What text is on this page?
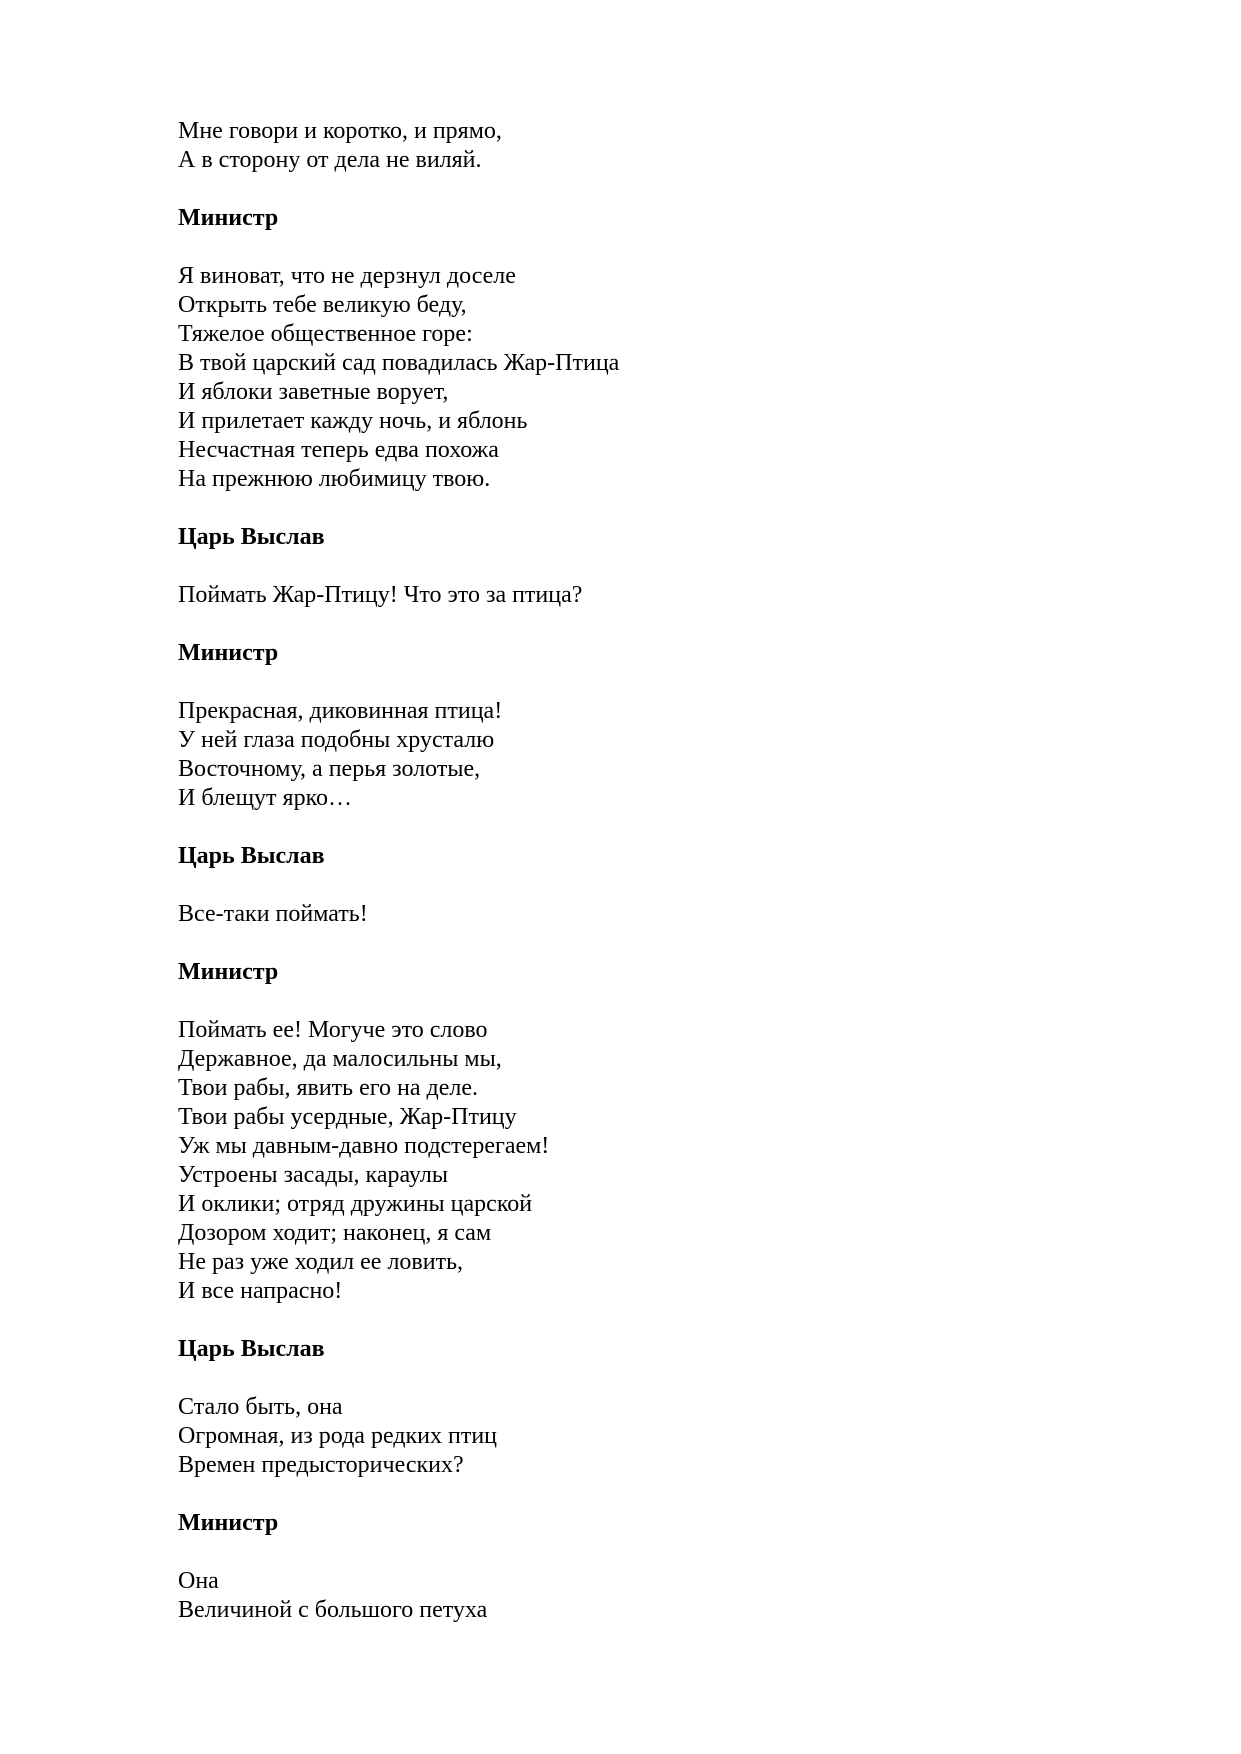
Мне говори и коротко, и прямо,
А в сторону от дела не виляй.
Министр
Я виноват, что не дерзнул доселе
Открыть тебе великую беду,
Тяжелое общественное горе:
В твой царский сад повадилась Жар-Птица
И яблоки заветные ворует,
И прилетает кажду ночь, и яблонь
Несчастная теперь едва похожа
На прежнюю любимицу твою.
Царь Выслав
Поймать Жар-Птицу! Что это за птица?
Министр
Прекрасная, диковинная птица!
У ней глаза подобны хрусталю
Восточному, а перья золотые,
И блещут ярко…
Царь Выслав
Все-таки поймать!
Министр
Поймать ее! Могуче это слово
Державное, да малосильны мы,
Твои рабы, явить его на деле.
Твои рабы усердные, Жар-Птицу
Уж мы давным-давно подстерегаем!
Устроены засады, караулы
И оклики; отряд дружины царской
Дозором ходит; наконец, я сам
Не раз уже ходил ее ловить,
И все напрасно!
Царь Выслав
Стало быть, она
Огромная, из рода редких птиц
Времен предысторических?
Министр
Она
Величиной с большого петуха
